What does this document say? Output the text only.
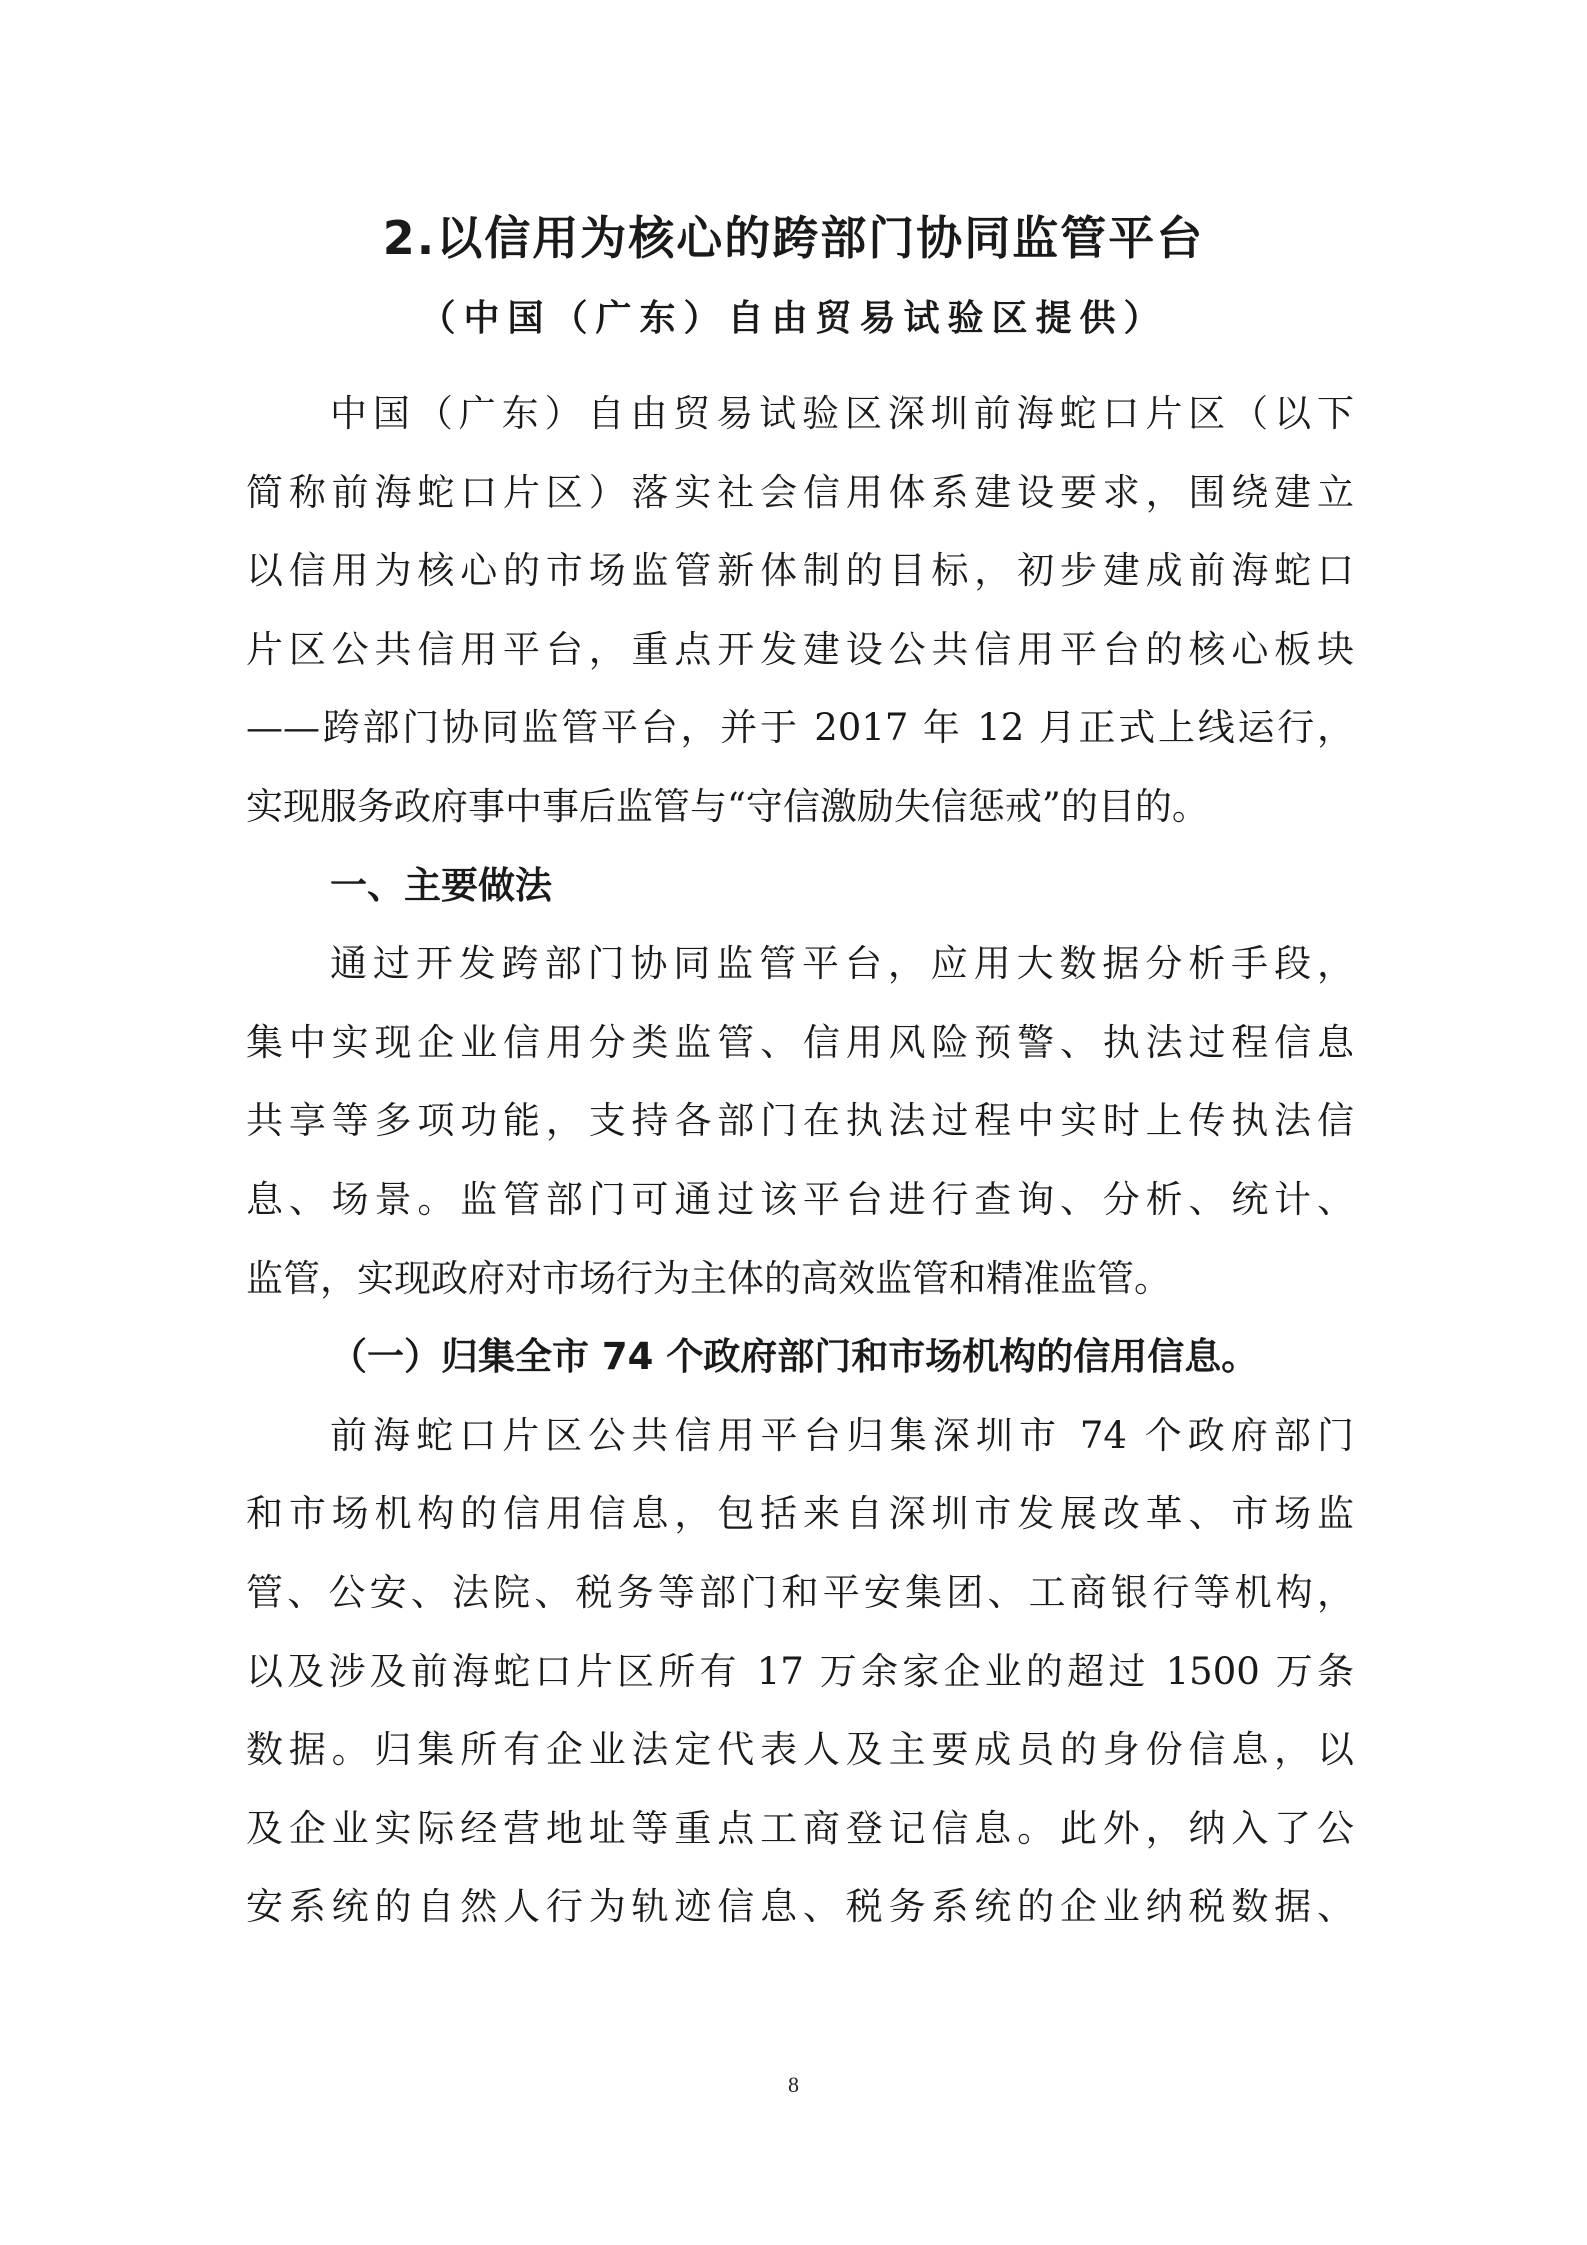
2.以信用为核心的跨部门协同监管平台
（中国（广东）自由贸易试验区提供）
中国（广东）自由贸易试验区深圳前海蛇口片区（以下
简称前海蛇口片区）落实社会信用体系建设要求，围绕建立
以信用为核心的市场监管新体制的目标，初步建成前海蛇口
片区公共信用平台，重点开发建设公共信用平台的核心板块
——跨部门协同监管平台，并于 2017 年 12 月正式上线运行，
实现服务政府事中事后监管与“守信激励失信惩戒”的目的。
一、主要做法
通过开发跨部门协同监管平台，应用大数据分析手段，
集中实现企业信用分类监管、信用风险预警、执法过程信息
共享等多项功能，支持各部门在执法过程中实时上传执法信
息、场景。监管部门可通过该平台进行查询、分析、统计、
监管，实现政府对市场行为主体的高效监管和精准监管。
（一）归集全市 74 个政府部门和市场机构的信用信息。
前海蛇口片区公共信用平台归集深圳市 74 个政府部门
和市场机构的信用信息，包括来自深圳市发展改革、市场监
管、公安、法院、税务等部门和平安集团、工商银行等机构，
以及涉及前海蛇口片区所有 17 万余家企业的超过 1500 万条
数据。归集所有企业法定代表人及主要成员的身份信息，以
及企业实际经营地址等重点工商登记信息。此外，纳入了公
安系统的自然人行为轨迹信息、税务系统的企业纳税数据、
8
